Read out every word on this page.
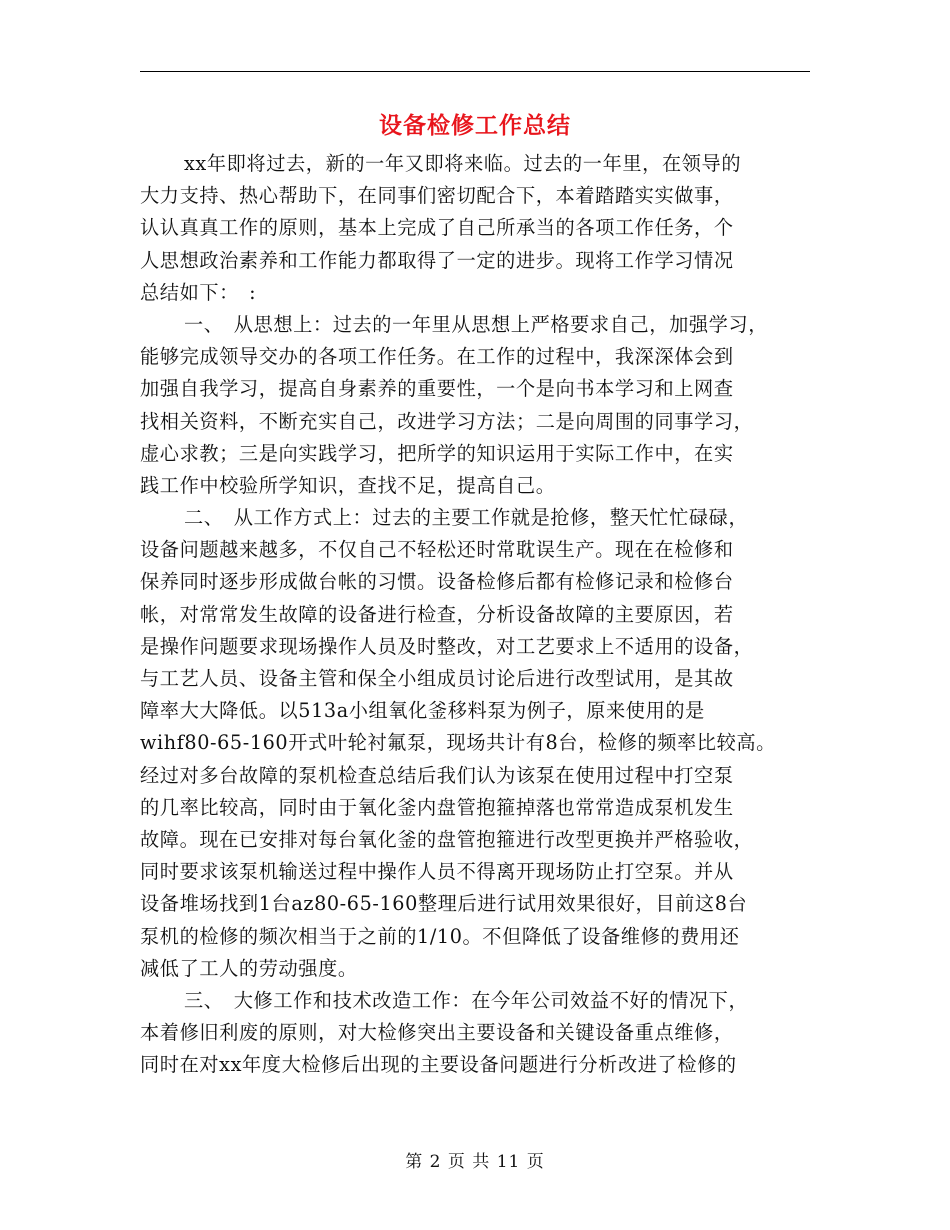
设备检修工作总结
xx年即将过去，新的一年又即将来临。过去的一年里，在领导的
大力支持、热心帮助下，在同事们密切配合下，本着踏踏实实做事，
认认真真工作的原则，基本上完成了自己所承当的各项工作任务，个
人思想政治素养和工作能力都取得了一定的进步。现将工作学习情况
总结如下：　:
一、　从思想上：过去的一年里从思想上严格要求自己，加强学习，
能够完成领导交办的各项工作任务。在工作的过程中，我深深体会到
加强自我学习，提高自身素养的重要性，一个是向书本学习和上网查
找相关资料，不断充实自己，改进学习方法；二是向周围的同事学习，
虚心求教；三是向实践学习，把所学的知识运用于实际工作中，在实
践工作中校验所学知识，查找不足，提高自己。
二、　从工作方式上：过去的主要工作就是抢修，整天忙忙碌碌，
设备问题越来越多，不仅自己不轻松还时常耽误生产。现在在检修和
保养同时逐步形成做台帐的习惯。设备检修后都有检修记录和检修台
帐，对常常发生故障的设备进行检查，分析设备故障的主要原因，若
是操作问题要求现场操作人员及时整改，对工艺要求上不适用的设备，
与工艺人员、设备主管和保全小组成员讨论后进行改型试用，是其故
障率大大降低。以513a小组氧化釜移料泵为例子，原来使用的是
wihf80-65-160开式叶轮衬氟泵，现场共计有8台，检修的频率比较高。
经过对多台故障的泵机检查总结后我们认为该泵在使用过程中打空泵
的几率比较高，同时由于氧化釜内盘管抱箍掉落也常常造成泵机发生
故障。现在已安排对每台氧化釜的盘管抱箍进行改型更换并严格验收，
同时要求该泵机输送过程中操作人员不得离开现场防止打空泵。并从
设备堆场找到1台az80-65-160整理后进行试用效果很好，目前这8台
泵机的检修的频次相当于之前的1/10。不但降低了设备维修的费用还
减低了工人的劳动强度。
三、　大修工作和技术改造工作：在今年公司效益不好的情况下，
本着修旧利废的原则，对大检修突出主要设备和关键设备重点维修，
同时在对xx年度大检修后出现的主要设备问题进行分析改进了检修的
第 2 页 共 11 页
